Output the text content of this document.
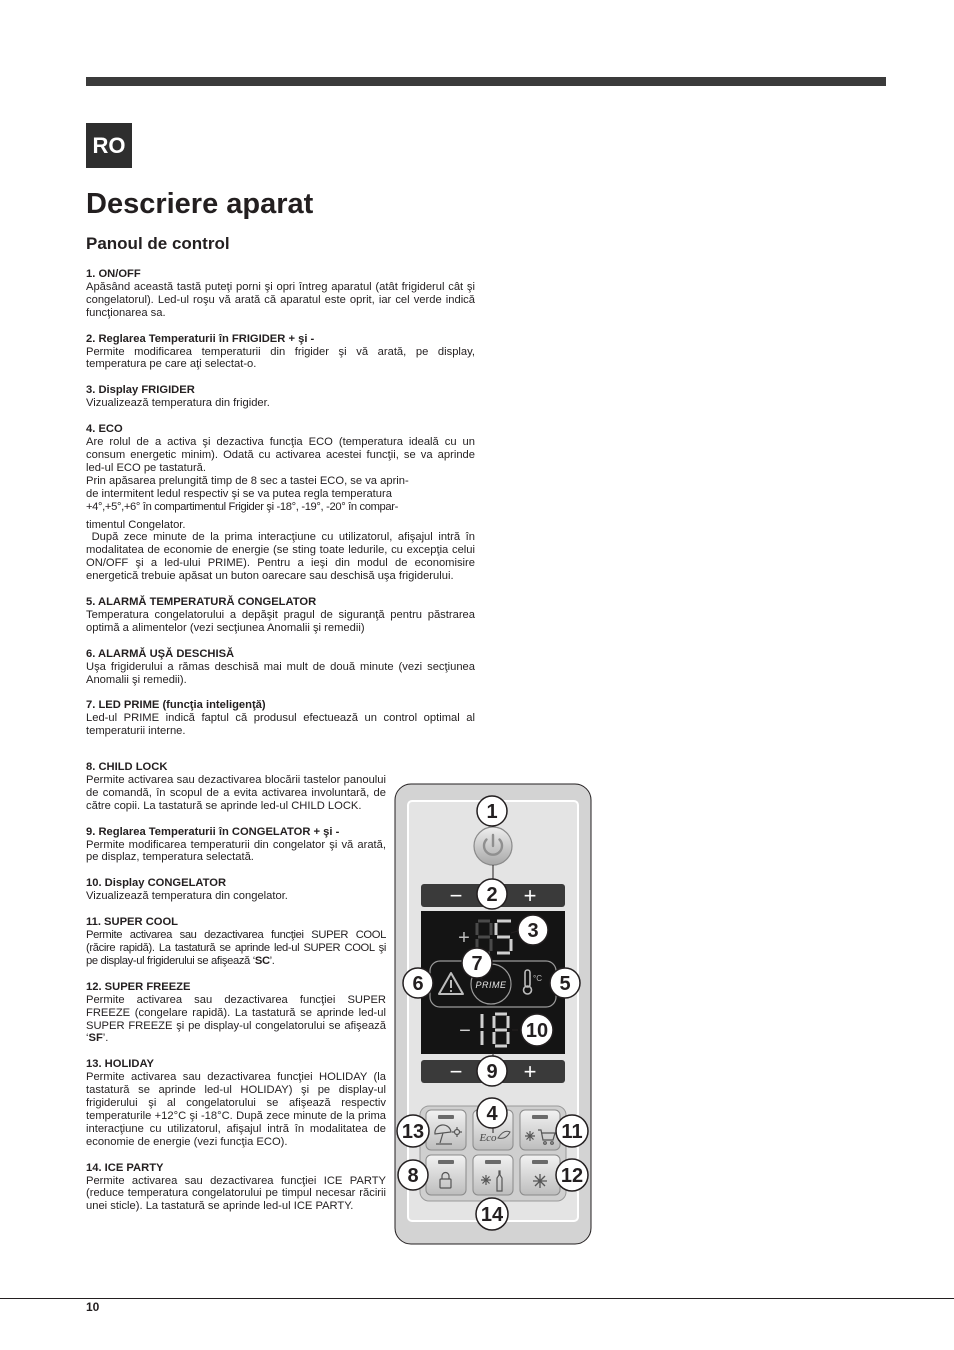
RO
Descriere aparat
Panoul de control
1. ON/OFF

Apăsând această tastă puteţi porni şi opri întreg aparatul (atât frigiderul cât şi congelatorul). Led-ul roşu vă arată că aparatul este oprit, iar cel verde indică funcţionarea sa.

2. Reglarea Temperaturii în FRIGIDER + şi -

Permite modificarea temperaturii din frigider şi vă arată, pe display, temperatura pe care aţi selectat-o.

3. Display FRIGIDER

Vizualizează temperatura din frigider.

4. ECO

Are rolul de a activa şi dezactiva funcţia ECO (temperatura ideală cu un consum energetic minim). Odată cu activarea acestei funcţii, se va aprinde led-ul ECO pe tastatură.

Prin apăsarea prelungită timp de 8 sec a tastei ECO, se va aprin-

de intermitent ledul respectiv şi se va putea regla temperatura

+4°,+5°,+6° în compartimentul Frigider şi -18°, -19°, -20° în compar-

timentul Congelator.

După zece minute de la prima interacţiune cu utilizatorul, afişajul intră în modalitatea de economie de energie (se sting toate ledurile, cu excepţia celui ON/OFF şi a led-ului PRIME). Pentru a ieşi din modul de economisire energetică trebuie apăsat un buton oarecare sau deschisă uşa frigiderului.

5. ALARMĂ TEMPERATURĂ CONGELATOR

Temperatura congelatorului a depăşit pragul de siguranţă pentru păstrarea optimă a alimentelor (vezi secţiunea Anomalii şi remedii)

6. ALARMĂ UŞĂ DESCHISĂ

Uşa frigiderului a rămas deschisă mai mult de două minute (vezi secţiunea Anomalii şi remedii).

7. LED PRIME (funcţia inteligenţă)

Led-ul PRIME indică faptul că produsul efectuează un control optimal al temperaturii interne.

8. CHILD LOCK

Permite activarea sau dezactivarea blocării tastelor panoului de comandă, în scopul de a evita activarea involuntară, de către copii. La tastatură se aprinde led-ul CHILD LOCK.

9. Reglarea Temperaturii în CONGELATOR + şi -

Permite modificarea temperaturii din congelator şi vă arată, pe displaz, temperatura selectată.

10. Display CONGELATOR

Vizualizează temperatura din congelator.

11. SUPER COOL

Permite activarea sau dezactivarea funcţiei SUPER COOL (răcire rapidă). La tastatură se aprinde led-ul SUPER COOL şi pe display-ul frigiderului se afişează ‘SC’.

12. SUPER FREEZE

Permite activarea sau dezactivarea funcţiei SUPER FREEZE (congelare rapidă). La tastatură se aprinde led-ul SUPER FREEZE şi pe display-ul congelatorului se afişează ‘SF’.

13. HOLIDAY

Permite activarea sau dezactivarea funcţiei HOLIDAY (la tastatură se aprinde led-ul HOLIDAY) şi pe display-ul frigiderului şi al congelatorului se afişează respectiv temperaturile +12°C şi -18°C. După zece minute de la prima interacţiune cu utilizatorul, afişajul intră în modalitatea de economie de energie (vezi funcţia ECO).

14. ICE PARTY

Permite activarea sau dezactivarea funcţiei ICE PARTY (reduce temperatura congelatorului pe timpul necesar răcirii unei sticle). La tastatură se aprinde led-ul ICE PARTY.

−	+
+
PRIME
°C
−
−	+
Eco
1
2
3
7
6	5
10
9
4
13	11
8	12
14
10
